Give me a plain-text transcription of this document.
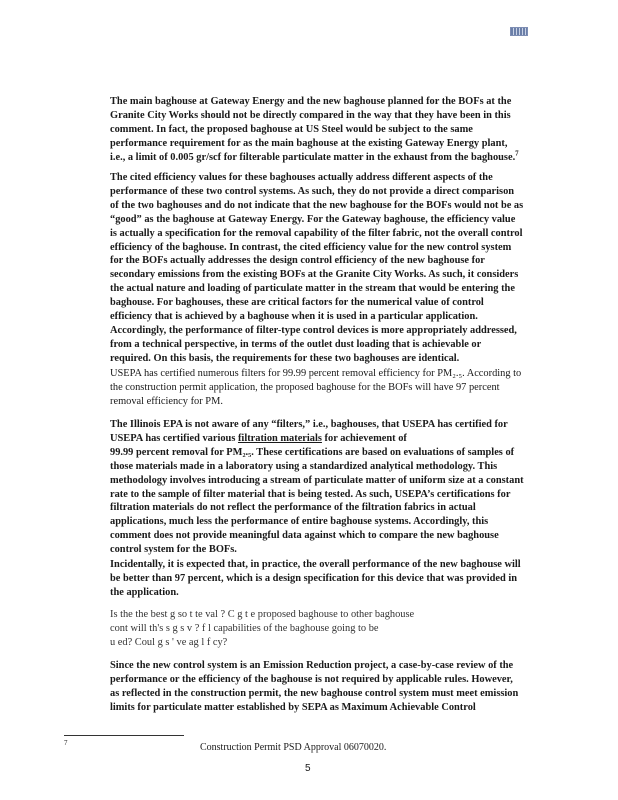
The main baghouse at Gateway Energy and the new baghouse planned for the BOFs at the
Granite City Works should not be directly compared in the way that they have been in this
comment. In fact, the proposed baghouse at US Steel would be subject to the same
performance requirement for as the main baghouse at the existing Gateway Energy plant,
i.e., a limit of 0.005 gr/scf for filterable particulate matter in the exhaust from the baghouse.$^7$
The cited efficiency values for these baghouses actually address different aspects of the
performance of these two control systems. As such, they do not provide a direct comparison
of the two baghouses and do not indicate that the new baghouse for the BOFs would not be as
“good” as the baghouse at Gateway Energy. For the Gateway baghouse, the efficiency value
is actually a specification for the removal capability of the filter fabric, not the overall control
efficiency of the baghouse. In contrast, the cited efficiency value for the new control system
for the BOFs actually addresses the design control efficiency of the new baghouse for
secondary emissions from the existing BOFs at the Granite City Works. As such, it considers
the actual nature and loading of particulate matter in the stream that would be entering the
baghouse. For baghouses, these are critical factors for the numerical value of control
efficiency that is achieved by a baghouse when it is used in a particular application.
Accordingly, the performance of filter-type control devices is more appropriately addressed,
from a technical perspective, in terms of the outlet dust loading that is achievable or
required. On this basis, the requirements for these two baghouses are identical.
USEPA has certified numerous filters for 99.99 percent removal efficiency for PM₂.₅. According to
the construction permit application, the proposed baghouse for the BOFs will have 97 percent
removal efficiency for PM.
The Illinois EPA is not aware of any “filters,” i.e., baghouses, that USEPA has certified for
USEPA has certified various filtration materials for achievement of
99.99 percent removal for PM₂.₅. These certifications are based on evaluations of samples of
those materials made in a laboratory using a standardized analytical methodology. This
methodology involves introducing a stream of particulate matter of uniform size at a constant
rate to the sample of filter material that is being tested. As such, USEPA’s certifications for
filtration materials do not reflect the performance of the filtration fabrics in actual
applications, much less the performance of entire baghouse systems. Accordingly, this
comment does not provide meaningful data against which to compare the new baghouse
control system for the BOFs.
Incidentally, it is expected that, in practice, the overall performance of the new baghouse will
be better than 97 percent, which is a design specification for this device that was provided in
the application.
Is the the best g so t te val ? C g t e proposed baghouse to other baghouse
cont will th's s g s v ? f l capabilities of the baghouse going to be
u ed? Coul g s ' ve ag l f cy?
Since the new control system is an Emission Reduction project, a case-by-case review of the
performance or the efficiency of the baghouse is not required by applicable rules. However,
as reflected in the construction permit, the new baghouse control system must meet emission
limits for particulate matter established by SEPA as Maximum Achievable Control
7	Construction Permit PSD Approval 06070020.
5
